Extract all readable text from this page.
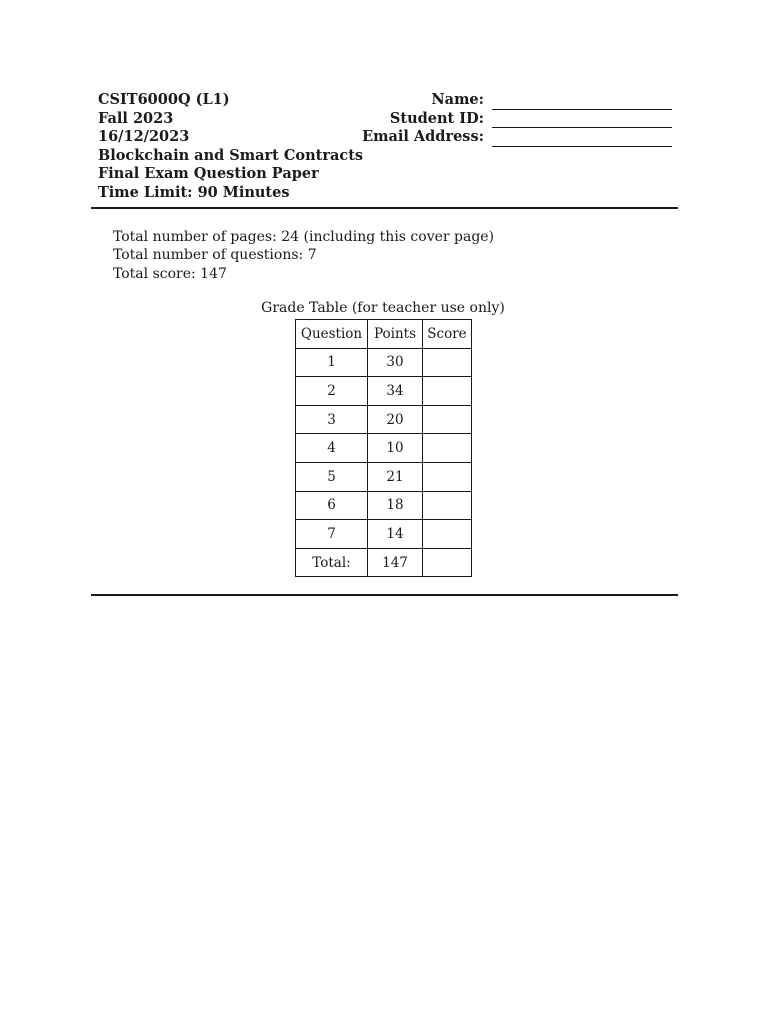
CSIT6000Q (L1)
Fall 2023
16/12/2023
Blockchain and Smart Contracts
Final Exam Question Paper
Time Limit: 90 Minutes
Name:
Student ID:
Email Address:
Total number of pages: 24 (including this cover page)
Total number of questions: 7
Total score: 147
Grade Table (for teacher use only)
Question	Points	Score
1	30	
2	34	
3	20	
4	10	
5	21	
6	18	
7	14	
Total:	147	
